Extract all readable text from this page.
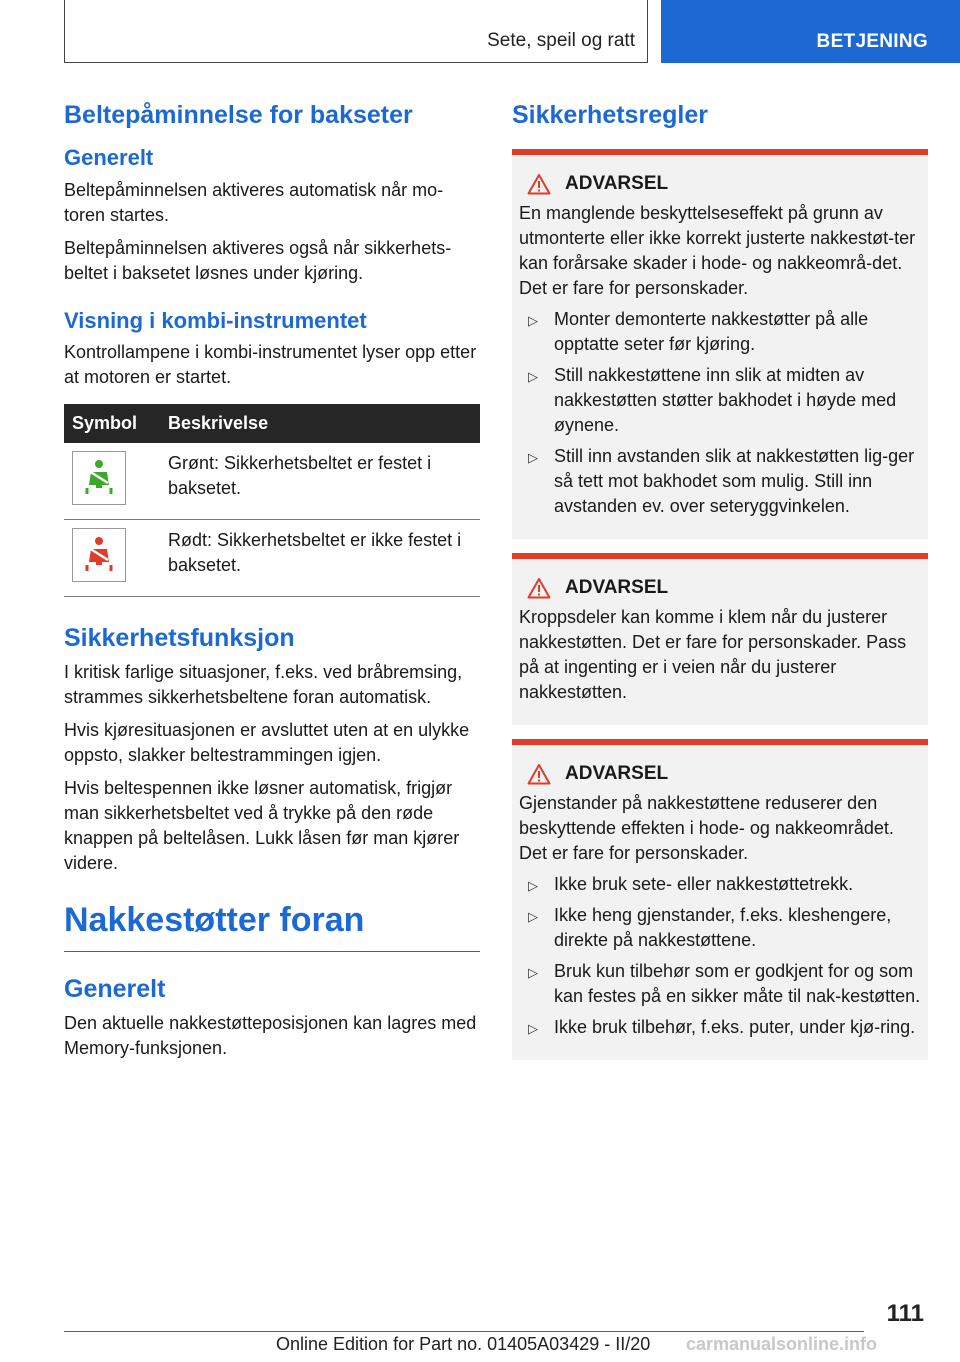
Sete, speil og ratt	BETJENING
Beltepåminnelse for bakseter
Generelt

Beltepåminnelsen aktiveres automatisk når mo-toren startes.

Beltepåminnelsen aktiveres også når sikkerhets-beltet i baksetet løsnes under kjøring.

Visning i kombi-instrumentet

Kontrollampene i kombi-instrumentet lyser opp etter at motoren er startet.

Symbol	Beskrivelse

	Grønt: Sikkerhetsbeltet er festet i baksetet.

	Rødt: Sikkerhetsbeltet er ikke festet i baksetet.
Sikkerhetsfunksjon

I kritisk farlige situasjoner, f.eks. ved bråbremsing, strammes sikkerhetsbeltene foran automatisk.

Hvis kjøresituasjonen er avsluttet uten at en ulykke oppsto, slakker beltestrammingen igjen.

Hvis beltespennen ikke løsner automatisk, frigjør man sikkerhetsbeltet ved å trykke på den røde knappen på beltelåsen. Lukk låsen før man kjører videre.

Nakkestøtter foran
Generelt

Den aktuelle nakkestøtteposisjonen kan lagres med Memory-funksjonen.

Sikkerhetsregler
ADVARSEL

En manglende beskyttelseseffekt på grunn av utmonterte eller ikke korrekt justerte nakkestøt-ter kan forårsake skader i hode- og nakkeområ-det. Det er fare for personskader.

▷ Monter demonterte nakkestøtter på alle opptatte seter før kjøring.
▷ Still nakkestøttene inn slik at midten av nakkestøtten støtter bakhodet i høyde med øynene.
▷ Still inn avstanden slik at nakkestøtten lig-ger så tett mot bakhodet som mulig. Still inn avstanden ev. over seteryggvinkelen.
ADVARSEL

Kroppsdeler kan komme i klem når du justerer nakkestøtten. Det er fare for personskader. Pass på at ingenting er i veien når du justerer nakkestøtten.

ADVARSEL

Gjenstander på nakkestøttene reduserer den beskyttende effekten i hode- og nakkeområdet. Det er fare for personskader.

▷ Ikke bruk sete- eller nakkestøttetrekk.
▷ Ikke heng gjenstander, f.eks. kleshengere, direkte på nakkestøttene.
▷ Bruk kun tilbehør som er godkjent for og som kan festes på en sikker måte til nak-kestøtten.
▷ Ikke bruk tilbehør, f.eks. puter, under kjø-ring.
111
Online Edition for Part no. 01405A03429 - II/20 carmanualsonline.info
